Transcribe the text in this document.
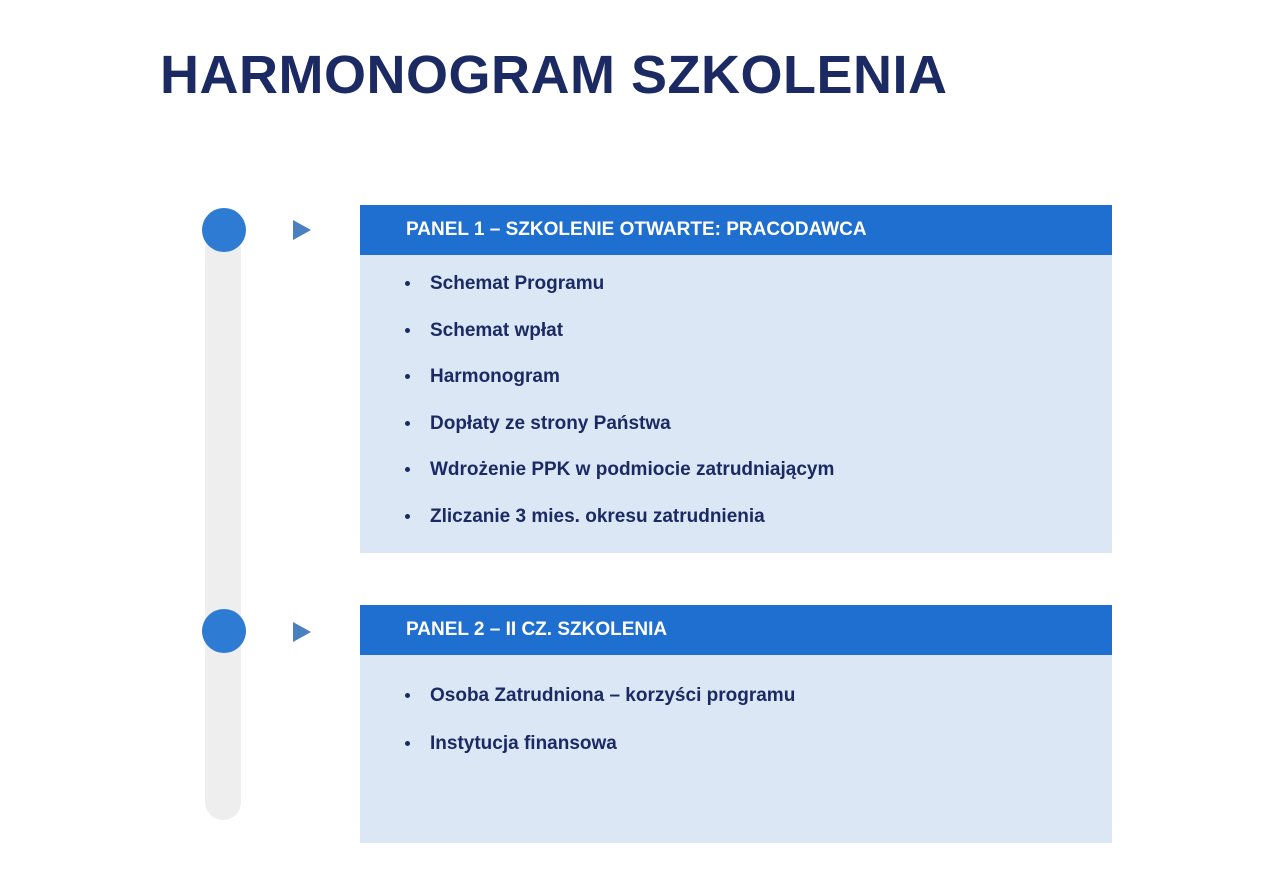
HARMONOGRAM SZKOLENIA
PANEL 1 – SZKOLENIE OTWARTE: PRACODAWCA
Schemat Programu
Schemat wpłat
Harmonogram
Dopłaty ze strony Państwa
Wdrożenie PPK w podmiocie zatrudniającym
Zliczanie 3 mies. okresu zatrudnienia
PANEL 2 – II CZ. SZKOLENIA
Osoba Zatrudniona – korzyści programu
Instytucja finansowa
